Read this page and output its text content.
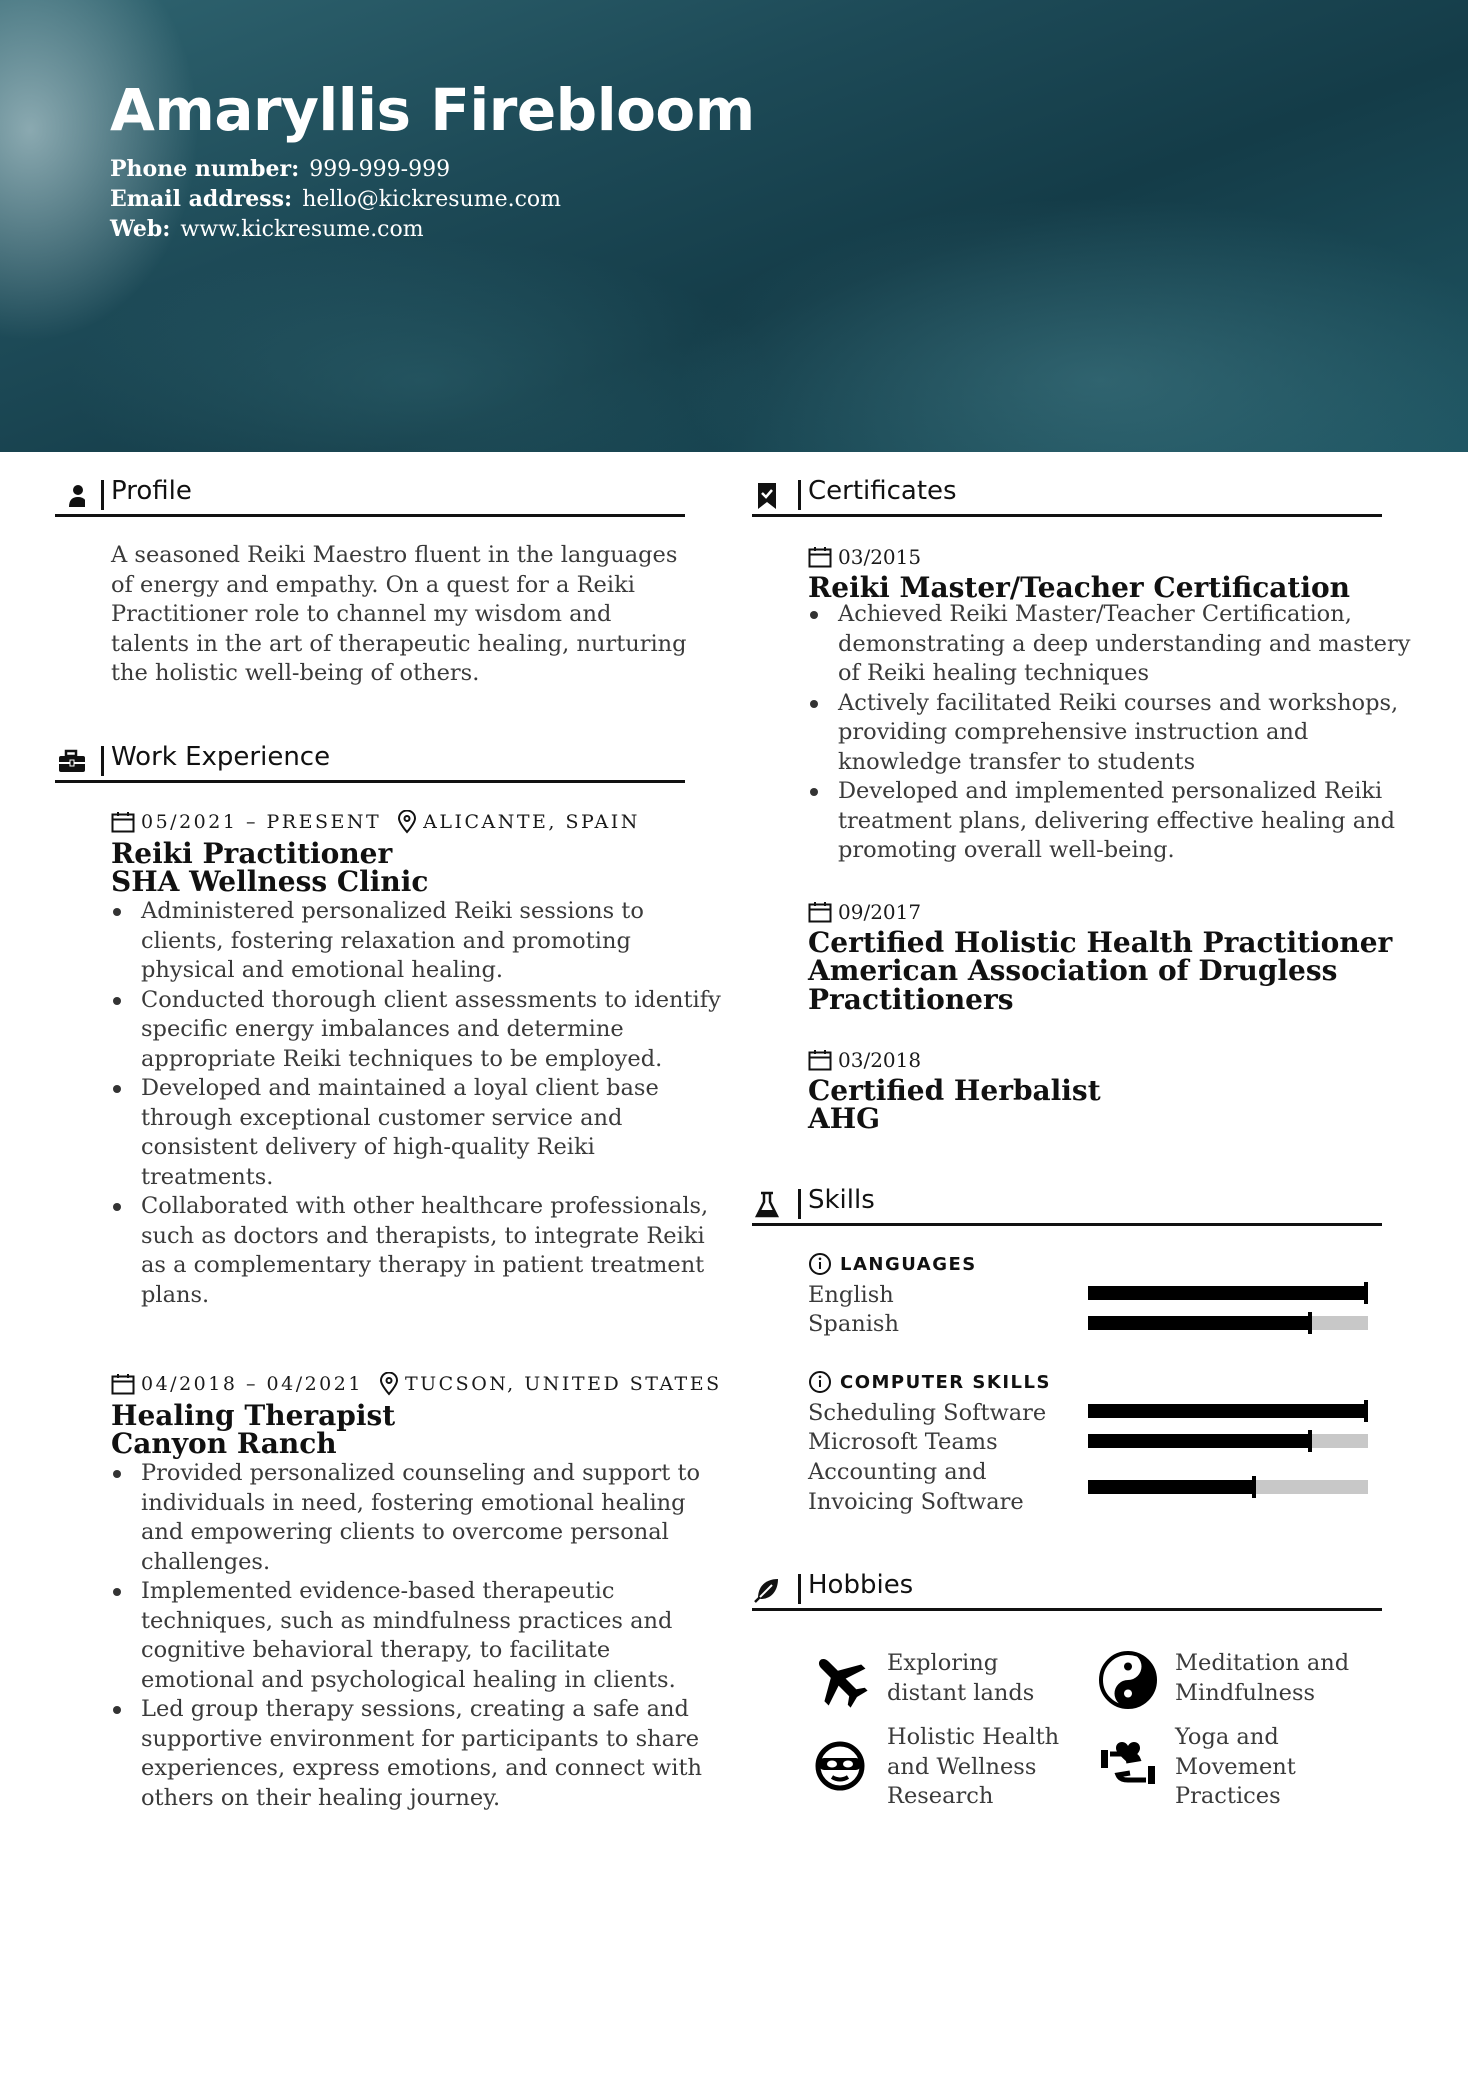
Amaryllis Firebloom
Phone number: 999-999-999
Email address: hello@kickresume.com
Web: www.kickresume.com
Profile

A seasoned Reiki Maestro fluent in the languages of energy and empathy. On a quest for a Reiki Practitioner role to channel my wisdom and talents in the art of therapeutic healing, nurturing the holistic well-being of others.

Work Experience
05/2021 – PRESENT ALICANTE, SPAIN
Reiki Practitioner
SHA Wellness Clinic
Administered personalized Reiki sessions to clients, fostering relaxation and promoting physical and emotional healing.
Conducted thorough client assessments to identify specific energy imbalances and determine appropriate Reiki techniques to be employed.
Developed and maintained a loyal client base through exceptional customer service and consistent delivery of high-quality Reiki treatments.
Collaborated with other healthcare professionals, such as doctors and therapists, to integrate Reiki as a complementary therapy in patient treatment plans.
04/2018 – 04/2021 TUCSON, UNITED STATES
Healing Therapist
Canyon Ranch
Provided personalized counseling and support to individuals in need, fostering emotional healing and empowering clients to overcome personal challenges.
Implemented evidence-based therapeutic techniques, such as mindfulness practices and cognitive behavioral therapy, to facilitate emotional and psychological healing in clients.
Led group therapy sessions, creating a safe and supportive environment for participants to share experiences, express emotions, and connect with others on their healing journey.
Certificates
03/2015
Reiki Master/Teacher Certification
Achieved Reiki Master/Teacher Certification, demonstrating a deep understanding and mastery of Reiki healing techniques
Actively facilitated Reiki courses and workshops, providing comprehensive instruction and knowledge transfer to students
Developed and implemented personalized Reiki treatment plans, delivering effective healing and promoting overall well-being.
09/2017
Certified Holistic Health Practitioner
American Association of Drugless Practitioners
03/2018
Certified Herbalist
AHG
Skills
LANGUAGES

English

Spanish

COMPUTER SKILLS

Scheduling Software

Microsoft Teams

Accounting and Invoicing Software

Hobbies

Exploring distant lands

Meditation and Mindfulness

Holistic Health and Wellness Research

Yoga and Movement Practices
